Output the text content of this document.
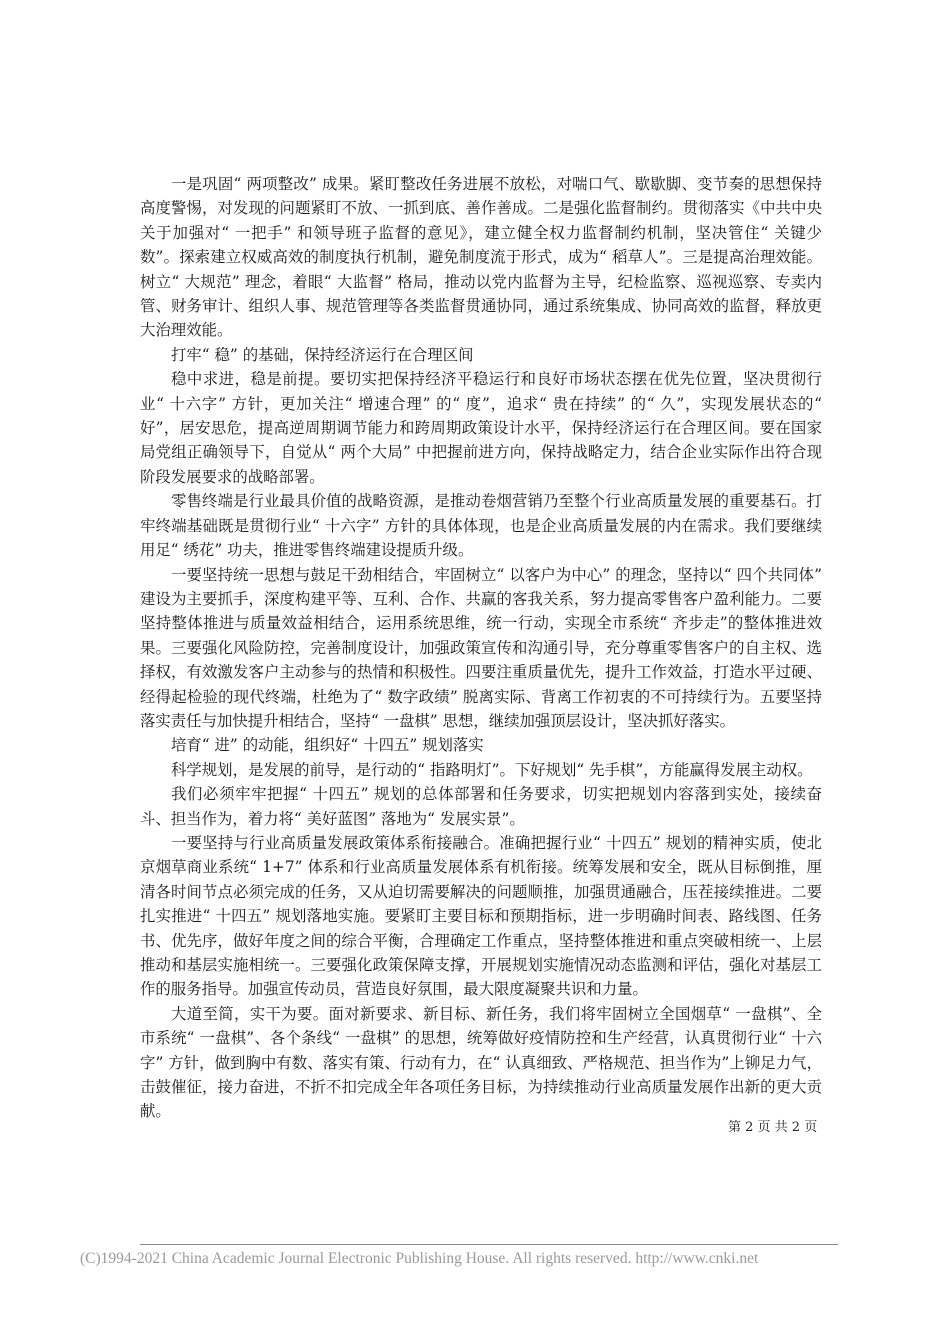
一是巩固“ 两项整改” 成果。紧盯整改任务进展不放松，对喘口气、歇歇脚、变节奏的思想保持高度警惕，对发现的问题紧盯不放、一抓到底、善作善成。二是强化监督制约。贯彻落实《中共中央关于加强对“ 一把手” 和领导班子监督的意见》，建立健全权力监督制约机制，坚决管住“ 关键少数”。探索建立权威高效的制度执行机制，避免制度流于形式，成为“ 稻草人”。三是提高治理效能。树立“ 大规范” 理念，着眼“ 大监督” 格局，推动以党内监督为主导，纪检监察、巡视巡察、专卖内管、财务审计、组织人事、规范管理等各类监督贯通协同，通过系统集成、协同高效的监督，释放更大治理效能。

打牢“ 稳” 的基础，保持经济运行在合理区间

稳中求进，稳是前提。要切实把保持经济平稳运行和良好市场状态摆在优先位置，坚决贯彻行业“ 十六字” 方针，更加关注“ 增速合理” 的“ 度”，追求“ 贵在持续” 的“ 久”，实现发展状态的“ 好”，居安思危，提高逆周期调节能力和跨周期政策设计水平，保持经济运行在合理区间。要在国家局党组正确领导下，自觉从“ 两个大局” 中把握前进方向，保持战略定力，结合企业实际作出符合现阶段发展要求的战略部署。

零售终端是行业最具价值的战略资源，是推动卷烟营销乃至整个行业高质量发展的重要基石。打牢终端基础既是贯彻行业“ 十六字” 方针的具体体现，也是企业高质量发展的内在需求。我们要继续用足“ 绣花” 功夫，推进零售终端建设提质升级。

一要坚持统一思想与鼓足干劲相结合，牢固树立“ 以客户为中心” 的理念，坚持以“ 四个共同体” 建设为主要抓手，深度构建平等、互利、合作、共赢的客我关系，努力提高零售客户盈利能力。二要坚持整体推进与质量效益相结合，运用系统思维，统一行动，实现全市系统“ 齐步走”的整体推进效果。三要强化风险防控，完善制度设计，加强政策宣传和沟通引导，充分尊重零售客户的自主权、选择权，有效激发客户主动参与的热情和积极性。四要注重质量优先，提升工作效益，打造水平过硬、经得起检验的现代终端，杜绝为了“ 数字政绩” 脱离实际、背离工作初衷的不可持续行为。五要坚持落实责任与加快提升相结合，坚持“ 一盘棋” 思想，继续加强顶层设计，坚决抓好落实。

培育“ 进” 的动能，组织好“ 十四五” 规划落实

科学规划，是发展的前导，是行动的“ 指路明灯”。下好规划“ 先手棋”，方能赢得发展主动权。

我们必须牢牢把握“ 十四五” 规划的总体部署和任务要求，切实把规划内容落到实处，接续奋斗、担当作为，着力将“ 美好蓝图” 落地为“ 发展实景”。

一要坚持与行业高质量发展政策体系衔接融合。准确把握行业“ 十四五” 规划的精神实质，使北京烟草商业系统“ 1+7” 体系和行业高质量发展体系有机衔接。统筹发展和安全，既从目标倒推，厘清各时间节点必须完成的任务，又从迫切需要解决的问题顺推，加强贯通融合，压茬接续推进。二要扎实推进“ 十四五” 规划落地实施。要紧盯主要目标和预期指标，进一步明确时间表、路线图、任务书、优先序，做好年度之间的综合平衡，合理确定工作重点，坚持整体推进和重点突破相统一、上层推动和基层实施相统一。三要强化政策保障支撑，开展规划实施情况动态监测和评估，强化对基层工作的服务指导。加强宣传动员，营造良好氛围，最大限度凝聚共识和力量。

大道至简，实干为要。面对新要求、新目标、新任务，我们将牢固树立全国烟草“ 一盘棋”、全市系统“ 一盘棋”、各个条线“ 一盘棋” 的思想，统筹做好疫情防控和生产经营，认真贯彻行业“ 十六字” 方针，做到胸中有数、落实有策、行动有力，在“ 认真细致、严格规范、担当作为”上铆足力气，击鼓催征，接力奋进，不折不扣完成全年各项任务目标，为持续推动行业高质量发展作出新的更大贡献。

第 2 页 共 2 页
(C)1994-2021 China Academic Journal Electronic Publishing House. All rights reserved. http://www.cnki.net
